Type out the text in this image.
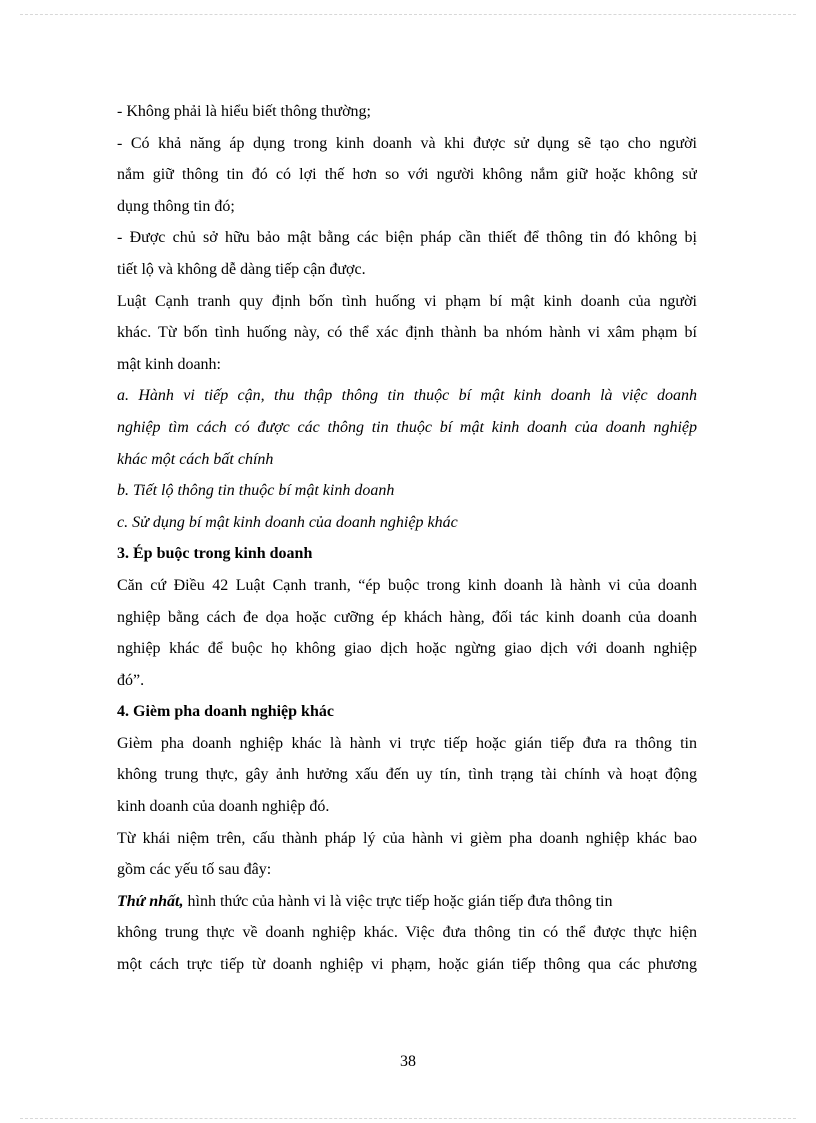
- Không phải là hiểu biết thông thường;
- Có khả năng áp dụng trong kinh doanh và khi được sử dụng sẽ tạo cho người
nắm giữ thông tin đó có lợi thế hơn so với người không nắm giữ hoặc không sử
dụng thông tin đó;
- Được chủ sở hữu bảo mật bằng các biện pháp cần thiết để thông tin đó không bị
tiết lộ và không dễ dàng tiếp cận được.
Luật Cạnh tranh quy định bốn tình huống vi phạm bí mật kinh doanh của người
khác. Từ bốn tình huống này, có thể xác định thành ba nhóm hành vi xâm phạm bí
mật kinh doanh:
a. Hành vi tiếp cận, thu thập thông tin thuộc bí mật kinh doanh là việc doanh
nghiệp tìm cách có được các thông tin thuộc bí mật kinh doanh của doanh nghiệp
khác một cách bất chính
b. Tiết lộ thông tin thuộc bí mật kinh doanh
c. Sử dụng bí mật kinh doanh của doanh nghiệp khác
3. Ép buộc trong kinh doanh
Căn cứ Điều 42 Luật Cạnh tranh, “ép buộc trong kinh doanh là hành vi của doanh
nghiệp bằng cách đe dọa hoặc cưỡng ép khách hàng, đối tác kinh doanh của doanh
nghiệp khác để buộc họ không giao dịch hoặc ngừng giao dịch với doanh nghiệp
đó”.
4. Gièm pha doanh nghiệp khác
Gièm pha doanh nghiệp khác là hành vi trực tiếp hoặc gián tiếp đưa ra thông tin
không trung thực, gây ảnh hưởng xấu đến uy tín, tình trạng tài chính và hoạt động
kinh doanh của doanh nghiệp đó.
Từ khái niệm trên, cấu thành pháp lý của hành vi gièm pha doanh nghiệp khác bao
gồm các yếu tố sau đây:
Thứ nhất, hình thức của hành vi là việc trực tiếp hoặc gián tiếp đưa thông tin
không trung thực về doanh nghiệp khác. Việc đưa thông tin có thể được thực hiện
một cách trực tiếp từ doanh nghiệp vi phạm, hoặc gián tiếp thông qua các phương
38
